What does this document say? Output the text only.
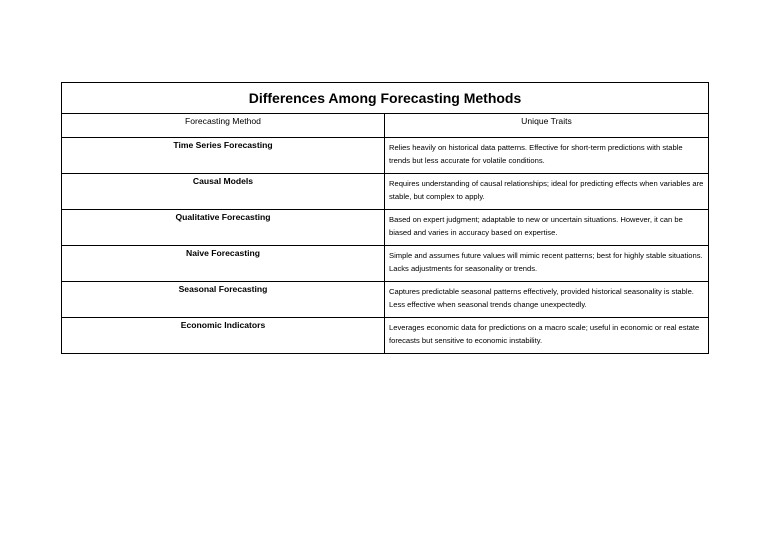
Differences Among Forecasting Methods	
Forecasting Method	Unique Traits
Time Series Forecasting	Relies heavily on historical data patterns. Effective for short-term predictions with stable trends but less accurate for volatile conditions.
Causal Models	Requires understanding of causal relationships; ideal for predicting effects when variables are stable, but complex to apply.
Qualitative Forecasting	Based on expert judgment; adaptable to new or uncertain situations. However, it can be biased and varies in accuracy based on expertise.
Naive Forecasting	Simple and assumes future values will mimic recent patterns; best for highly stable situations. Lacks adjustments for seasonality or trends.
Seasonal Forecasting	Captures predictable seasonal patterns effectively, provided historical seasonality is stable. Less effective when seasonal trends change unexpectedly.
Economic Indicators	Leverages economic data for predictions on a macro scale; useful in economic or real estate forecasts but sensitive to economic instability.
